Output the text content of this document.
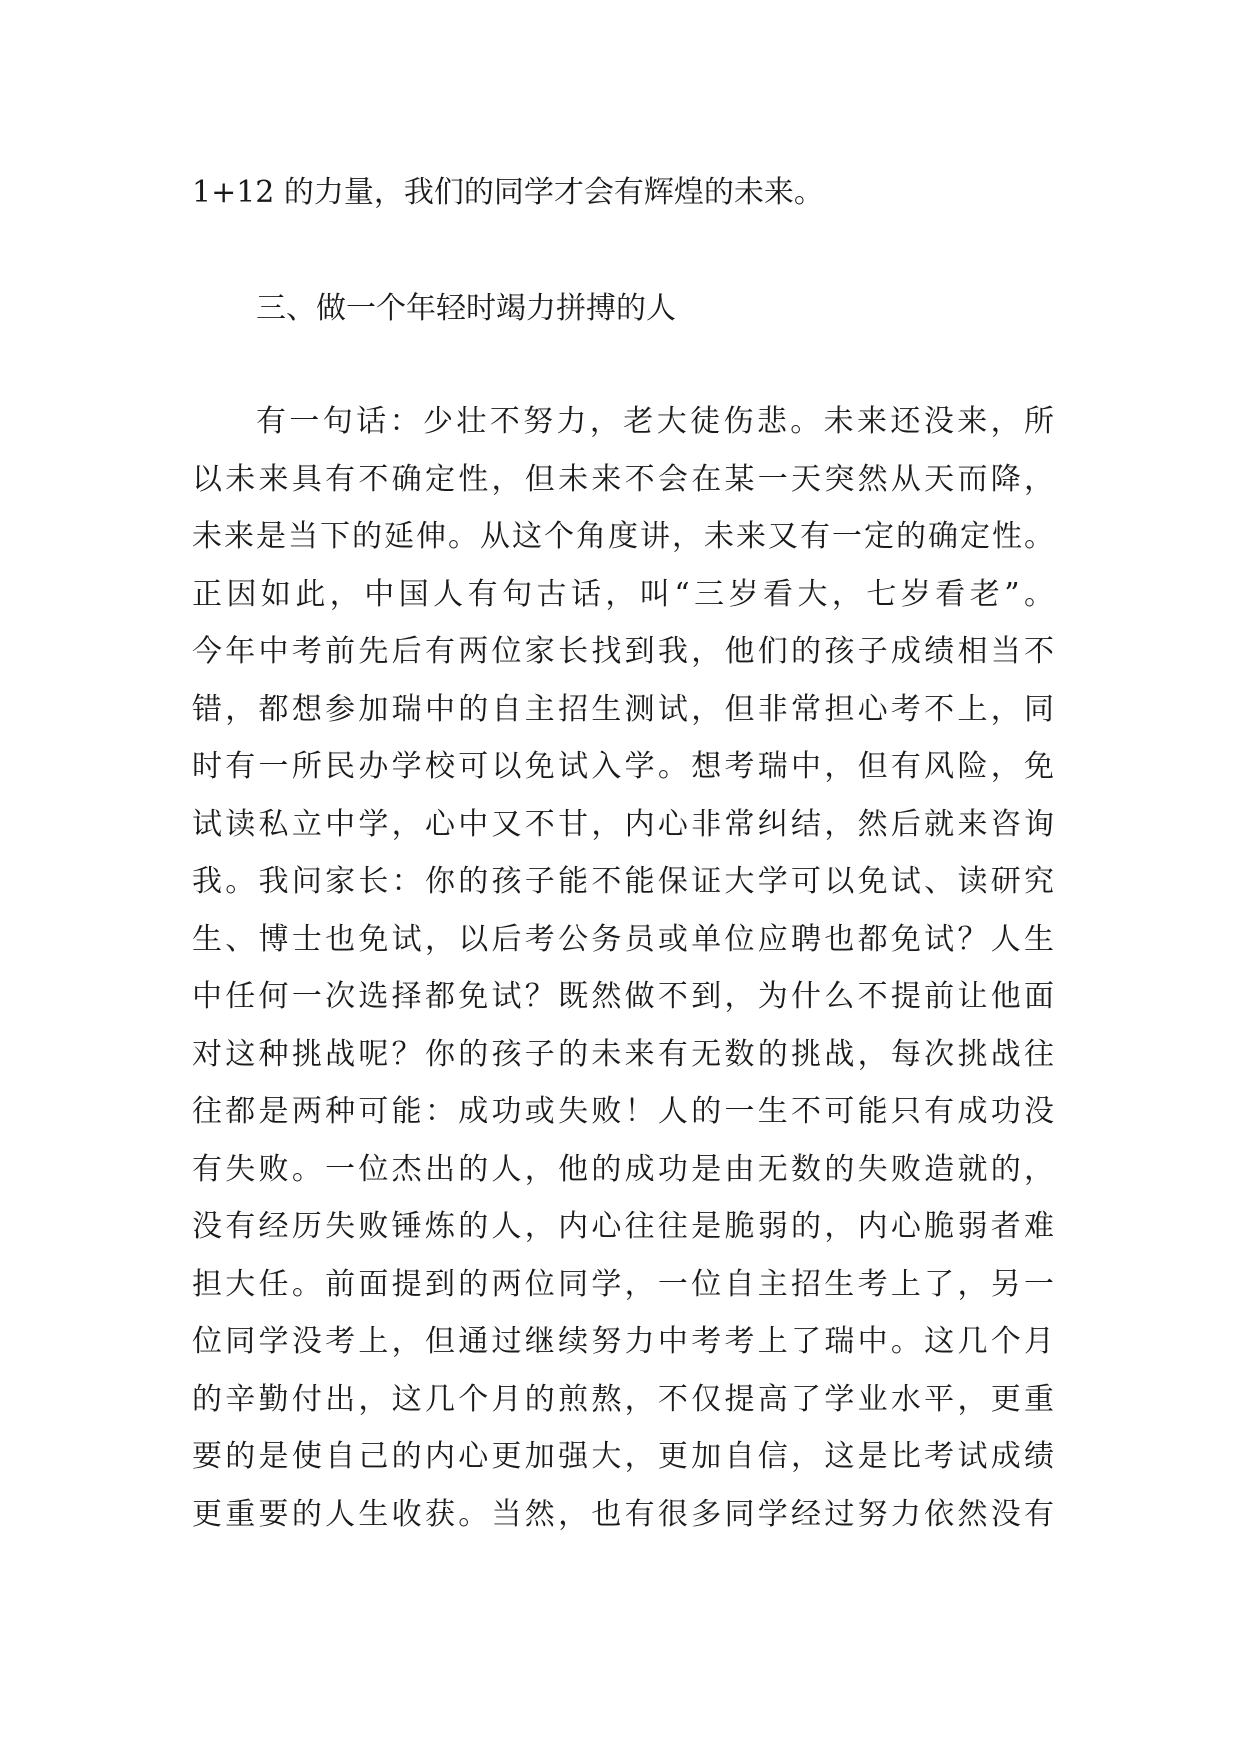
1+12 的力量，我们的同学才会有辉煌的未来。

三、做一个年轻时竭力拼搏的人

有一句话：少壮不努力，老大徒伤悲。未来还没来，所
以未来具有不确定性，但未来不会在某一天突然从天而降，
未来是当下的延伸。从这个角度讲，未来又有一定的确定性。
正因如此，中国人有句古话，叫“三岁看大，七岁看老”。
今年中考前先后有两位家长找到我，他们的孩子成绩相当不
错，都想参加瑞中的自主招生测试，但非常担心考不上，同
时有一所民办学校可以免试入学。想考瑞中，但有风险，免
试读私立中学，心中又不甘，内心非常纠结，然后就来咨询
我。我问家长：你的孩子能不能保证大学可以免试、读研究
生、博士也免试，以后考公务员或单位应聘也都免试？人生
中任何一次选择都免试？既然做不到，为什么不提前让他面
对这种挑战呢？你的孩子的未来有无数的挑战，每次挑战往
往都是两种可能：成功或失败！人的一生不可能只有成功没
有失败。一位杰出的人，他的成功是由无数的失败造就的，
没有经历失败锤炼的人，内心往往是脆弱的，内心脆弱者难
担大任。前面提到的两位同学，一位自主招生考上了，另一
位同学没考上，但通过继续努力中考考上了瑞中。这几个月
的辛勤付出，这几个月的煎熬，不仅提高了学业水平，更重
要的是使自己的内心更加强大，更加自信，这是比考试成绩
更重要的人生收获。当然，也有很多同学经过努力依然没有
